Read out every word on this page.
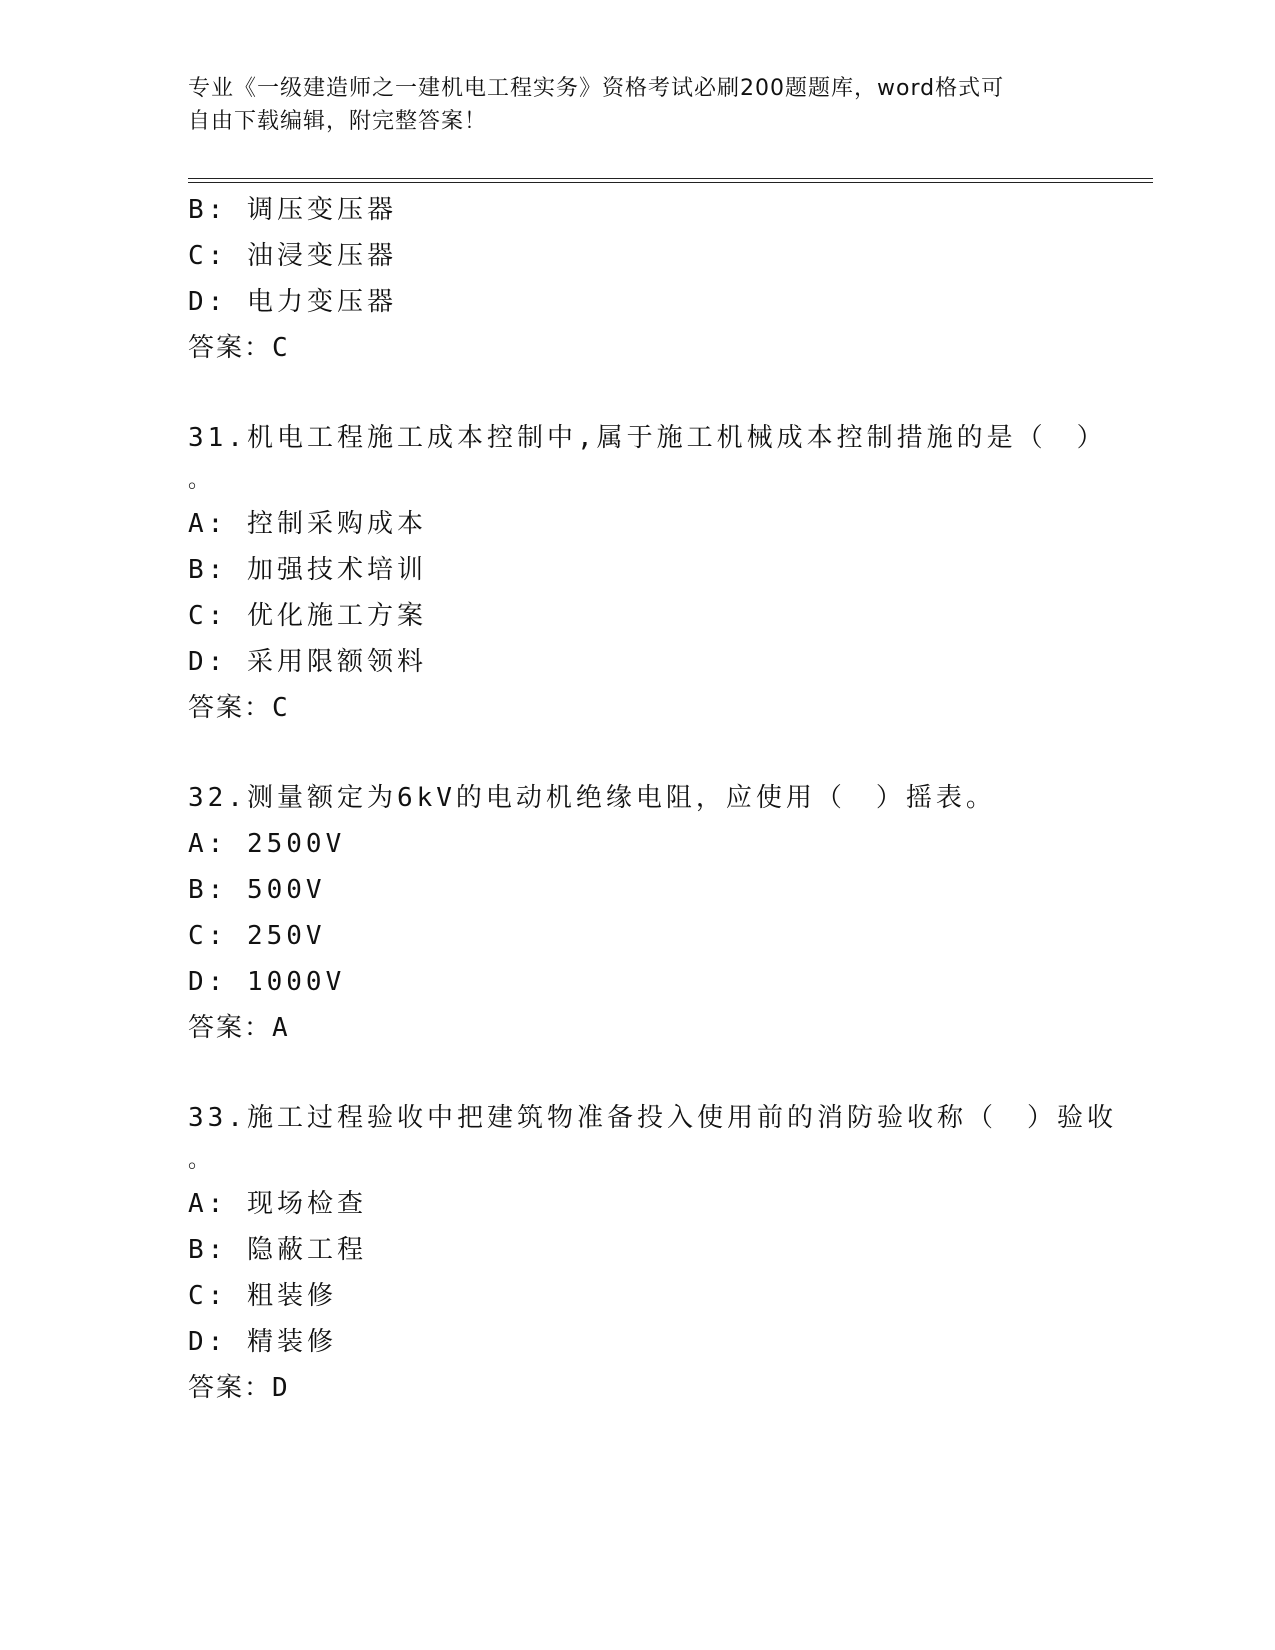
专业《一级建造师之一建机电工程实务》资格考试必刷200题题库，word格式可
自由下载编辑，附完整答案！
B: 调压变压器
C: 油浸变压器
D: 电力变压器
答案：C
31.机电工程施工成本控制中,属于施工机械成本控制措施的是（　）
。
A: 控制采购成本
B: 加强技术培训
C: 优化施工方案
D: 采用限额领料
答案：C
32.测量额定为6kV的电动机绝缘电阻，应使用（　）摇表。
A: 2500V
B: 500V
C: 250V
D: 1000V
答案：A
33.施工过程验收中把建筑物准备投入使用前的消防验收称（　）验收
。
A: 现场检查
B: 隐蔽工程
C: 粗装修
D: 精装修
答案：D
